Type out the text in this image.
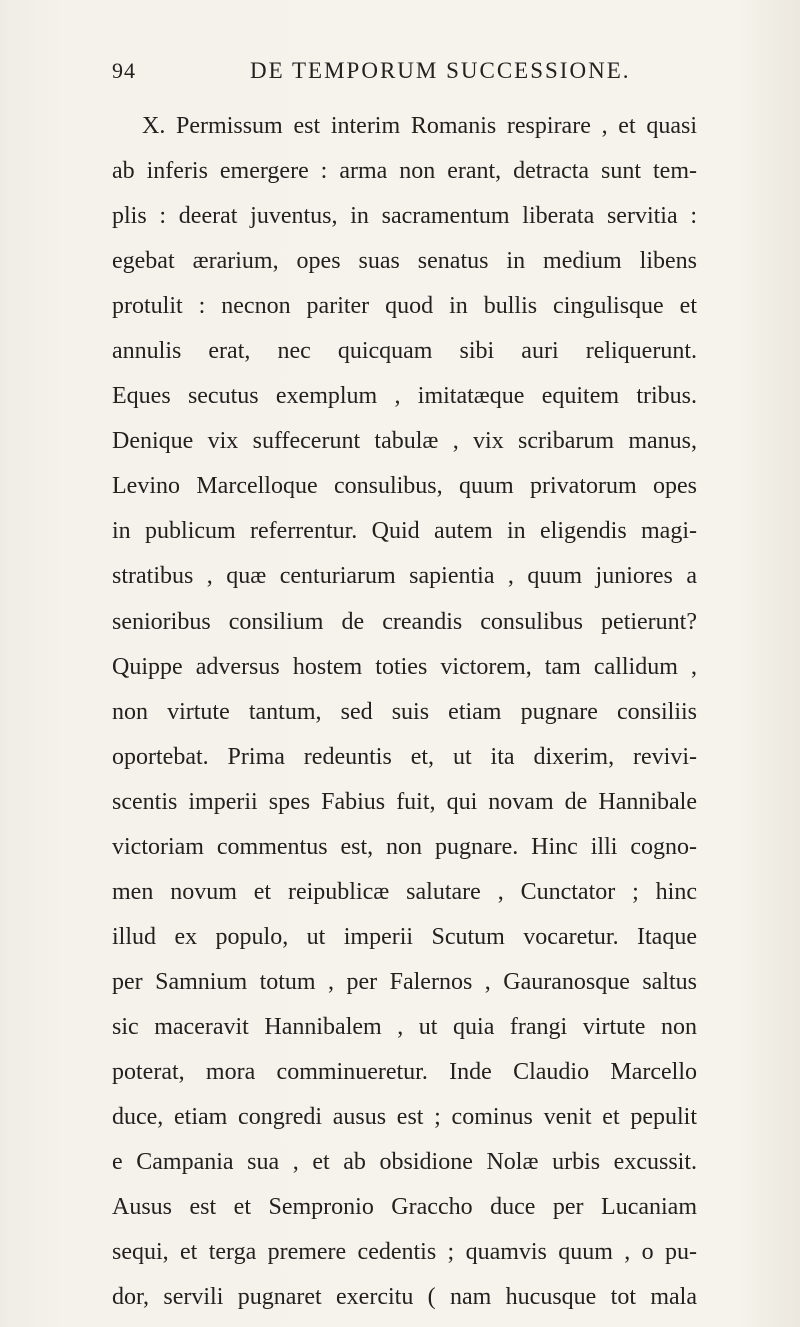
94	DE TEMPORUM SUCCESSIONE.
X. Permissum est interim Romanis respirare , et quasi
ab inferis emergere : arma non erant, detracta sunt tem-
plis : deerat juventus, in sacramentum liberata servitia :
egebat ærarium, opes suas senatus in medium libens
protulit : necnon pariter quod in bullis cingulisque et
annulis erat, nec quicquam sibi auri reliquerunt.
Eques secutus exemplum , imitatæque equitem tribus.
Denique vix suffecerunt tabulæ , vix scribarum manus,
Levino Marcelloque consulibus, quum privatorum opes
in publicum referrentur. Quid autem in eligendis magi-
stratibus , quæ centuriarum sapientia , quum juniores a
senioribus consilium de creandis consulibus petierunt?
Quippe adversus hostem toties victorem, tam callidum ,
non virtute tantum, sed suis etiam pugnare consiliis
oportebat. Prima redeuntis et, ut ita dixerim, revivi-
scentis imperii spes Fabius fuit, qui novam de Hannibale
victoriam commentus est, non pugnare. Hinc illi cogno-
men novum et reipublicæ salutare , Cunctator ; hinc
illud ex populo, ut imperii Scutum vocaretur. Itaque
per Samnium totum , per Falernos , Gauranosque saltus
sic maceravit Hannibalem , ut quia frangi virtute non
poterat, mora comminueretur. Inde Claudio Marcello
duce, etiam congredi ausus est ; cominus venit et pepulit
e Campania sua , et ab obsidione Nolæ urbis excussit.
Ausus est et Sempronio Graccho duce per Lucaniam
sequi, et terga premere cedentis ; quamvis quum , o pu-
dor, servili pugnaret exercitu ( nam hucusque tot mala
